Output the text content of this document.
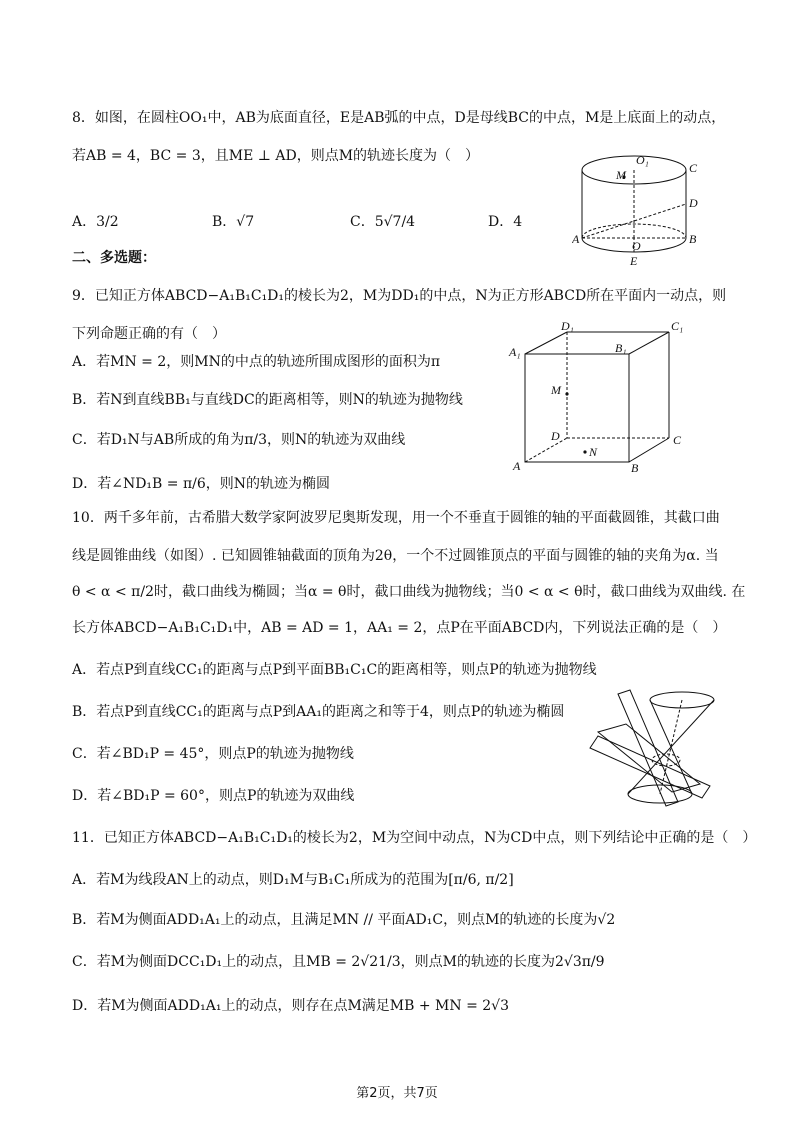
8．如图，在圆柱OO₁中，AB为底面直径，E是AB弧的中点，D是母线BC的中点，M是上底面上的动点，
若AB = 4，BC = 3，且ME ⊥ AD，则点M的轨迹长度为（　）
A．3/2	B．√7	C．5√7/4	D．4
O₁
M	C
D
A	O	B
E
二、多选题：
9．已知正方体ABCD−A₁B₁C₁D₁的棱长为2，M为DD₁的中点，N为正方形ABCD所在平面内一动点，则
下列命题正确的有（　）
A．若MN = 2，则MN的中点的轨迹所围成图形的面积为π
B．若N到直线BB₁与直线DC的距离相等，则N的轨迹为抛物线
C．若D₁N与AB所成的角为π/3，则N的轨迹为双曲线
D．若∠ND₁B = π/6，则N的轨迹为椭圆
D₁	C₁
A₁	B₁
M
D	C
N
A	B
10．两千多年前，古希腊大数学家阿波罗尼奥斯发现，用一个不垂直于圆锥的轴的平面截圆锥，其截口曲
线是圆锥曲线（如图）. 已知圆锥轴截面的顶角为2θ，一个不过圆锥顶点的平面与圆锥的轴的夹角为α. 当
θ < α < π/2时，截口曲线为椭圆；当α = θ时，截口曲线为抛物线；当0 < α < θ时，截口曲线为双曲线. 在
长方体ABCD−A₁B₁C₁D₁中，AB = AD = 1，AA₁ = 2，点P在平面ABCD内，下列说法正确的是（　）
A．若点P到直线CC₁的距离与点P到平面BB₁C₁C的距离相等，则点P的轨迹为抛物线
B．若点P到直线CC₁的距离与点P到AA₁的距离之和等于4，则点P的轨迹为椭圆
C．若∠BD₁P = 45°，则点P的轨迹为抛物线
D．若∠BD₁P = 60°，则点P的轨迹为双曲线
11．已知正方体ABCD−A₁B₁C₁D₁的棱长为2，M为空间中动点，N为CD中点，则下列结论中正确的是（　）
A．若M为线段AN上的动点，则D₁M与B₁C₁所成为的范围为[π/6, π/2]
B．若M为侧面ADD₁A₁上的动点，且满足MN // 平面AD₁C，则点M的轨迹的长度为√2
C．若M为侧面DCC₁D₁上的动点，且MB = 2√21/3，则点M的轨迹的长度为2√3π/9
D．若M为侧面ADD₁A₁上的动点，则存在点M满足MB + MN = 2√3
第2页，共7页
